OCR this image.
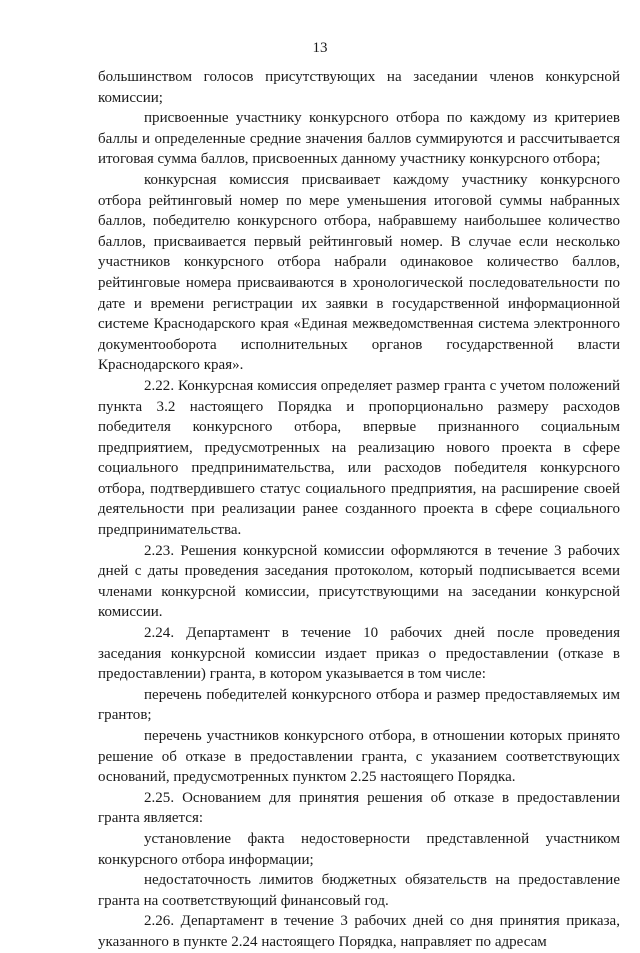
13

большинством голосов присутствующих на заседании членов конкурсной комиссии;

присвоенные участнику конкурсного отбора по каждому из критериев баллы и определенные средние значения баллов суммируются и рассчитывается итоговая сумма баллов, присвоенных данному участнику конкурсного отбора;

конкурсная комиссия присваивает каждому участнику конкурсного отбора рейтинговый номер по мере уменьшения итоговой суммы набранных баллов, победителю конкурсного отбора, набравшему наибольшее количество баллов, присваивается первый рейтинговый номер. В случае если несколько участников конкурсного отбора набрали одинаковое количество баллов, рейтинговые номера присваиваются в хронологической последовательности по дате и времени регистрации их заявки в государственной информационной системе Краснодарского края «Единая межведомственная система электронного документооборота исполнительных органов государственной власти Краснодарского края».

2.22. Конкурсная комиссия определяет размер гранта с учетом положений пункта 3.2 настоящего Порядка и пропорционально размеру расходов победителя конкурсного отбора, впервые признанного социальным предприятием, предусмотренных на реализацию нового проекта в сфере социального предпринимательства, или расходов победителя конкурсного отбора, подтвердившего статус социального предприятия, на расширение своей деятельности при реализации ранее созданного проекта в сфере социального предпринимательства.

2.23. Решения конкурсной комиссии оформляются в течение 3 рабочих дней с даты проведения заседания протоколом, который подписывается всеми членами конкурсной комиссии, присутствующими на заседании конкурсной комиссии.

2.24. Департамент в течение 10 рабочих дней после проведения заседания конкурсной комиссии издает приказ о предоставлении (отказе в предоставлении) гранта, в котором указывается в том числе:

перечень победителей конкурсного отбора и размер предоставляемых им грантов;

перечень участников конкурсного отбора, в отношении которых принято решение об отказе в предоставлении гранта, с указанием соответствующих оснований, предусмотренных пунктом 2.25 настоящего Порядка.

2.25. Основанием для принятия решения об отказе в предоставлении гранта является:

установление факта недостоверности представленной участником конкурсного отбора информации;

недостаточность лимитов бюджетных обязательств на предоставление гранта на соответствующий финансовый год.

2.26. Департамент в течение 3 рабочих дней со дня принятия приказа, указанного в пункте 2.24 настоящего Порядка, направляет по адресам
